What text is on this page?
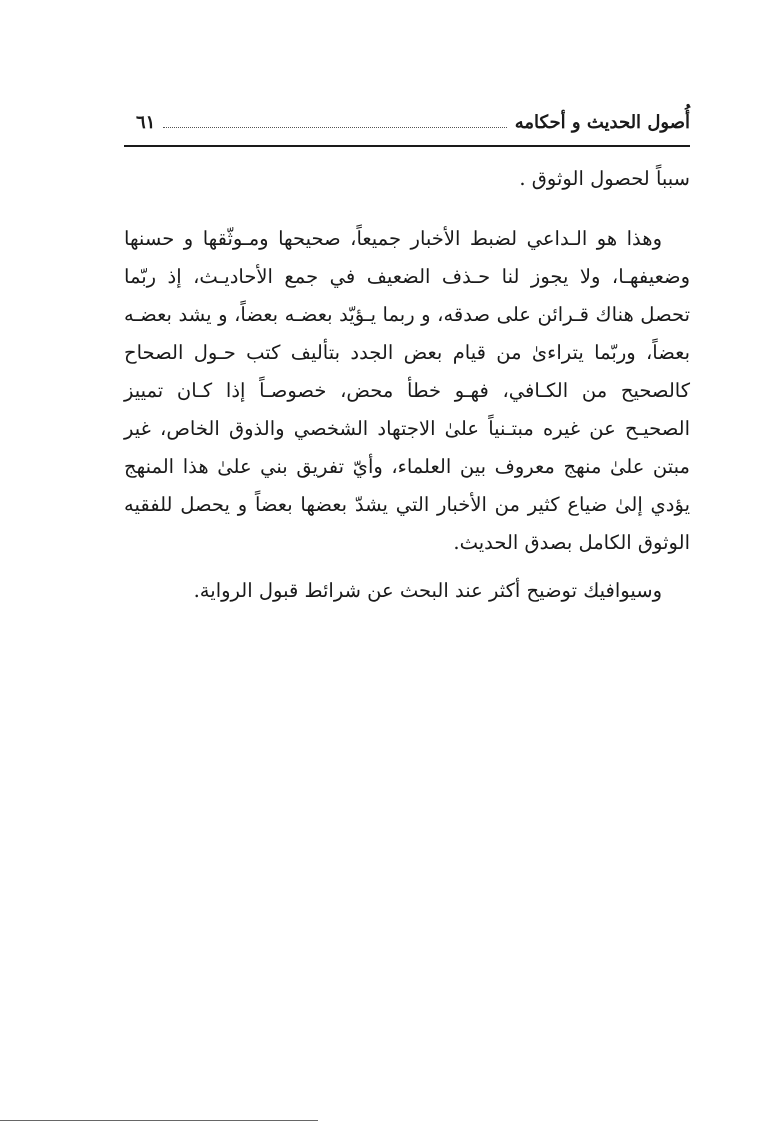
أُصول الحديث و أحكامه
٦١

سبباً لحصول الوثوق .

وهذا هو الـداعي لضبط الأخبار جميعاً، صحيحها ومـوثّقها و حسنها وضعيفهـا، ولا يجوز لنا حـذف الضعيف في جمع الأحاديـث، إذ ربّما تحصل هناك قـرائن على صدقه، و ربما يـؤيّد بعضـه بعضاً، و يشد بعضـه بعضاً، وربّما يتراءىٰ من قيام بعض الجدد بتأليف كتب حـول الصحاح كالصحيح من الكـافي، فهـو خطأ محض، خصوصـاً إذا كـان تمييز الصحيـح عن غيره مبتـنياً علىٰ الاجتهاد الشخصي والذوق الخاص، غير مبتن علىٰ منهج معروف بين العلماء، وأيّ تفريق بني علىٰ هذا المنهج يؤدي إلىٰ ضياع كثير من الأخبار التي يشدّ بعضها بعضاً و يحصل للفقيه الوثوق الكامل بصدق الحديث.

وسيوافيك توضيح أكثر عند البحث عن شرائط قبول الرواية.
